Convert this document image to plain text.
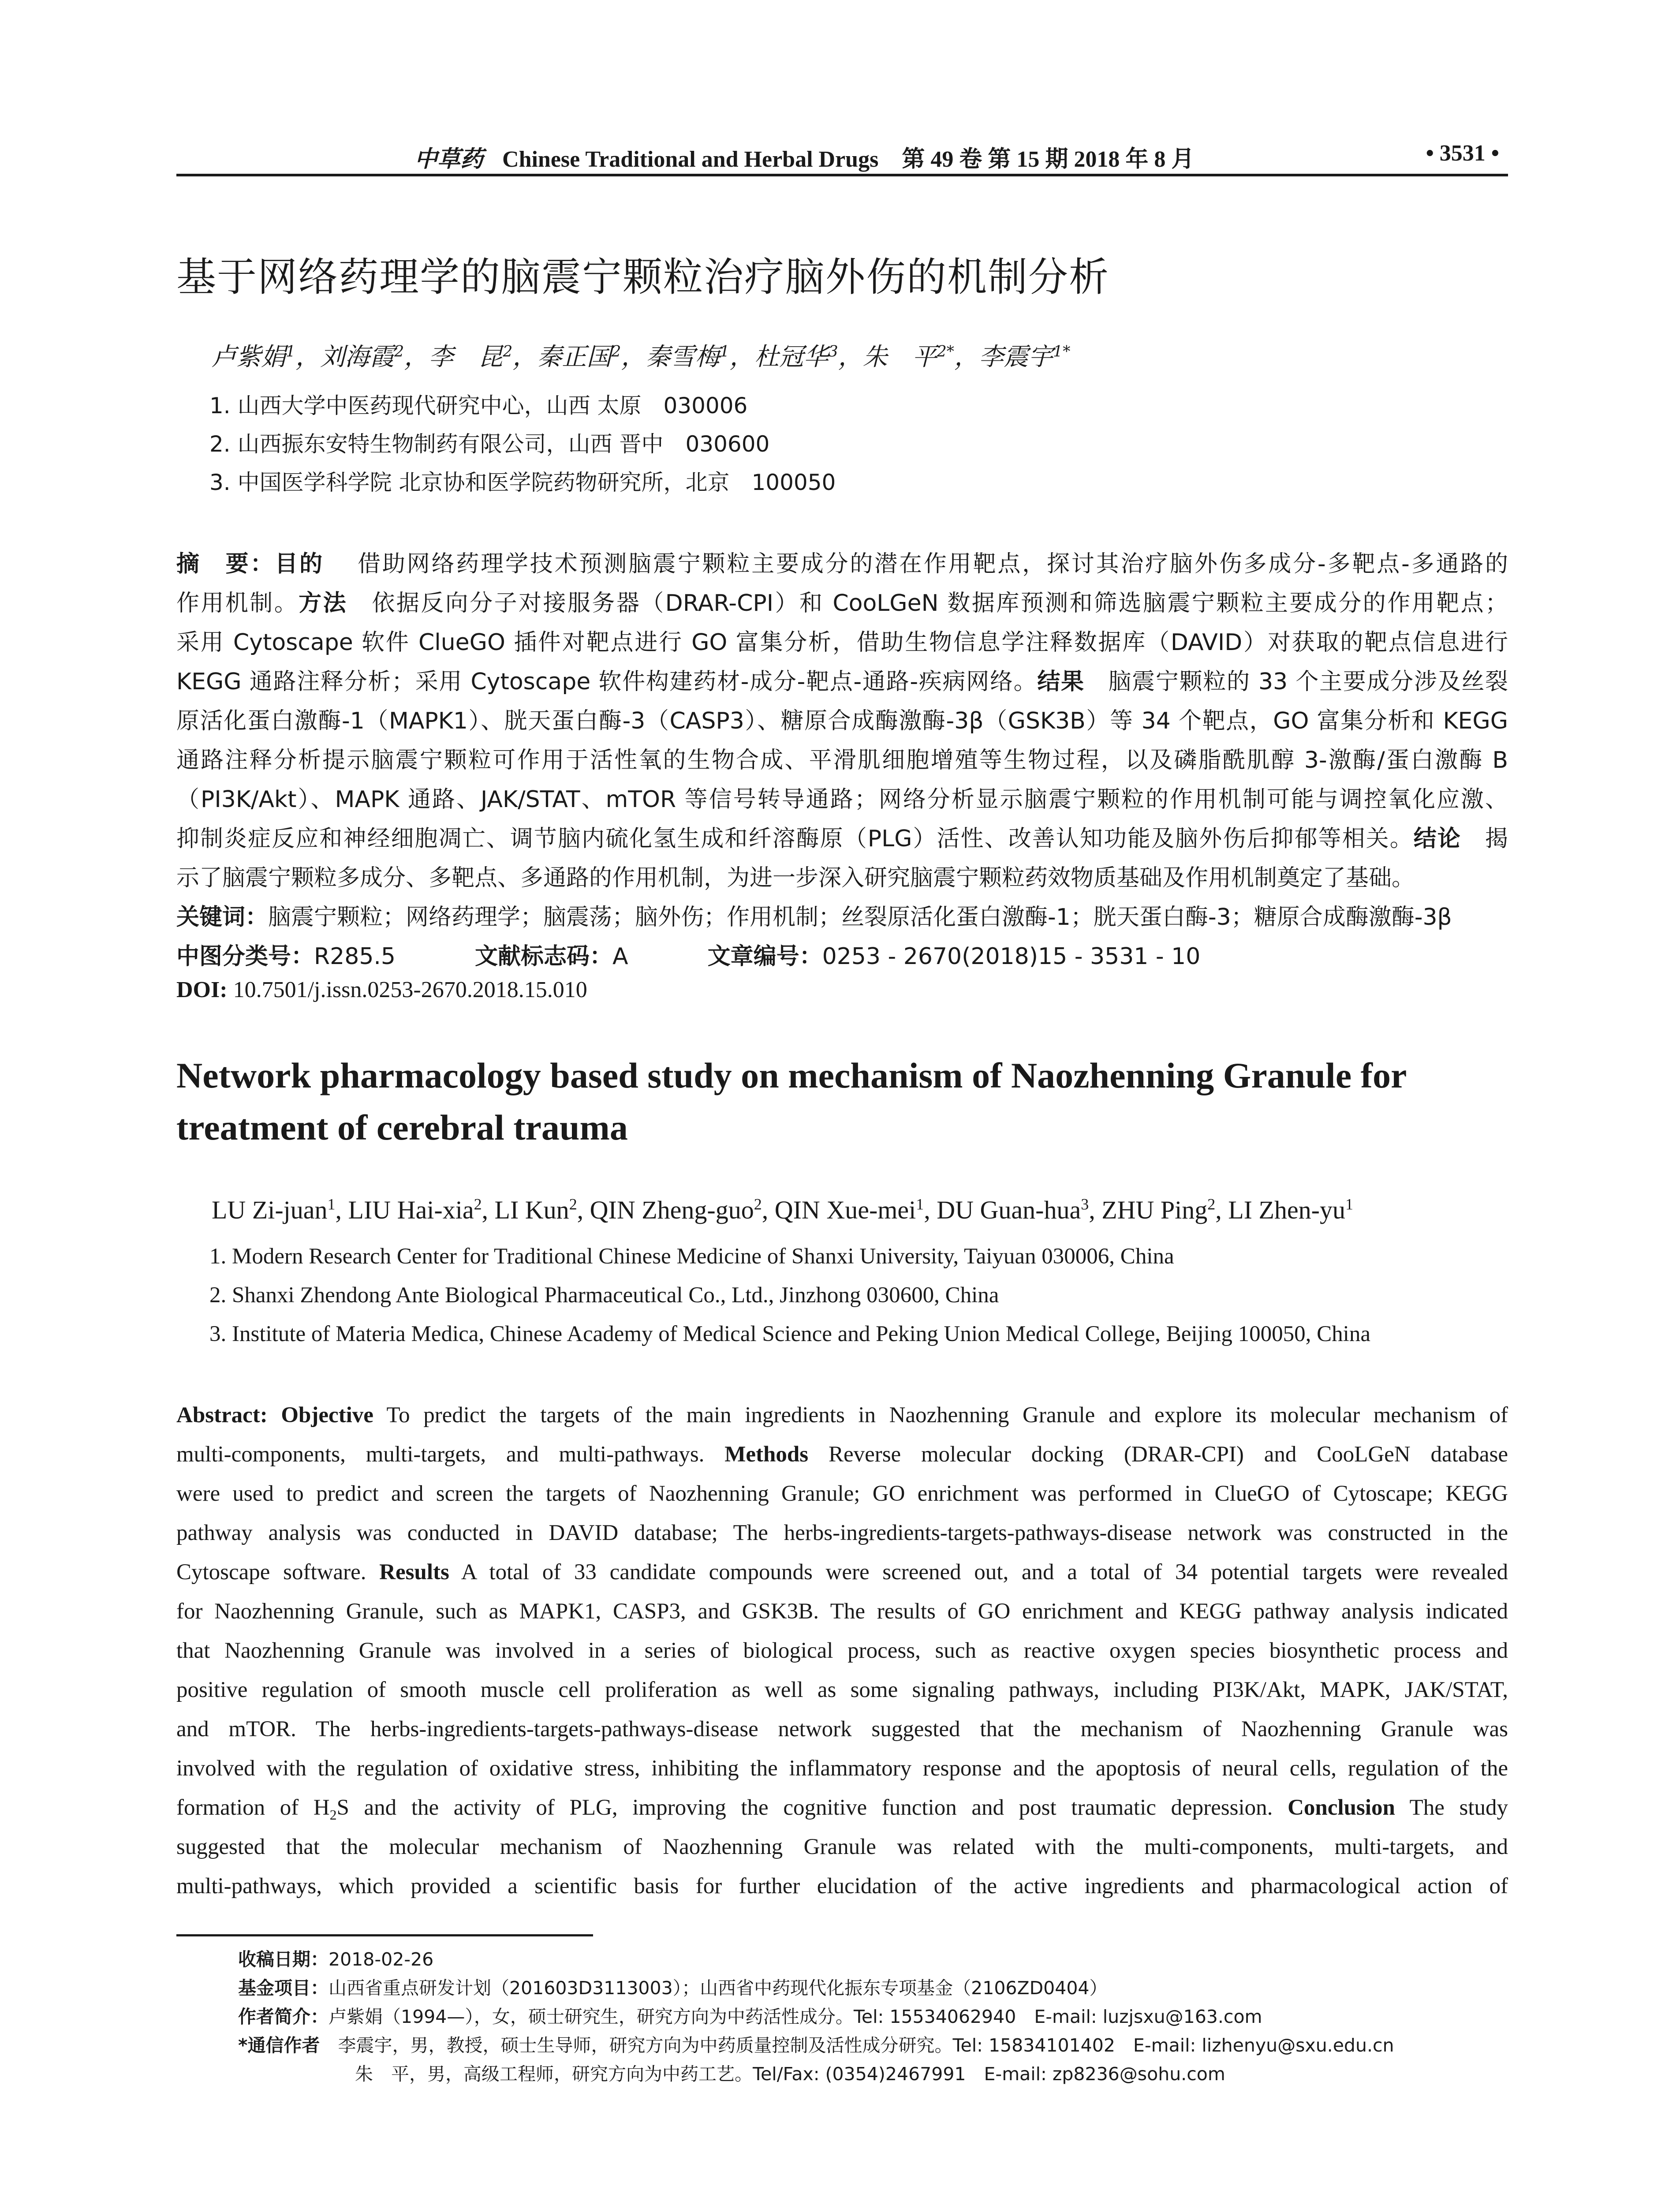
中草药 Chinese Traditional and Herbal Drugs 第 49 卷 第 15 期 2018 年 8 月	• 3531 •
基于网络药理学的脑震宁颗粒治疗脑外伤的机制分析
卢紫娟$^1$，刘海霞$^2$，李　昆$^2$，秦正国$^2$，秦雪梅$^1$，杜冠华$^3$，朱　平$^{2*}$，李震宇$^{1*}$
1. 山西大学中医药现代研究中心，山西 太原　030006
2. 山西振东安特生物制药有限公司，山西 晋中　030600
3. 中国医学科学院 北京协和医学院药物研究所，北京　100050
摘　要：目的　 借助网络药理学技术预测脑震宁颗粒主要成分的潜在作用靶点，探讨其治疗脑外伤多成分-多靶点-多通路的
作用机制。方法　 依据反向分子对接服务器（DRAR-CPI）和 CooLGeN 数据库预测和筛选脑震宁颗粒主要成分的作用靶点；
采用 Cytoscape 软件 ClueGO 插件对靶点进行 GO 富集分析，借助生物信息学注释数据库（DAVID）对获取的靶点信息进行
KEGG 通路注释分析；采用 Cytoscape 软件构建药材-成分-靶点-通路-疾病网络。结果　 脑震宁颗粒的 33 个主要成分涉及丝裂
原活化蛋白激酶-1（MAPK1）、胱天蛋白酶-3（CASP3）、糖原合成酶激酶-3β（GSK3B）等 34 个靶点，GO 富集分析和 KEGG
通路注释分析提示脑震宁颗粒可作用于活性氧的生物合成、平滑肌细胞增殖等生物过程，以及磷脂酰肌醇 3-激酶/蛋白激酶 B
（PI3K/Akt）、MAPK 通路、JAK/STAT、mTOR 等信号转导通路；网络分析显示脑震宁颗粒的作用机制可能与调控氧化应激、
抑制炎症反应和神经细胞凋亡、调节脑内硫化氢生成和纤溶酶原（PLG）活性、改善认知功能及脑外伤后抑郁等相关。结论　 揭
示了脑震宁颗粒多成分、多靶点、多通路的作用机制，为进一步深入研究脑震宁颗粒药效物质基础及作用机制奠定了基础。
关键词：脑震宁颗粒；网络药理学；脑震荡；脑外伤；作用机制；丝裂原活化蛋白激酶-1；胱天蛋白酶-3；糖原合成酶激酶-3β
中图分类号：R285.5	文献标志码：A	文章编号：0253 - 2670(2018)15 - 3531 - 10
DOI: 10.7501/j.issn.0253-2670.2018.15.010
Network pharmacology based study on mechanism of Naozhenning Granule for treatment of cerebral trauma
LU Zi-juan$^1$, LIU Hai-xia$^2$, LI Kun$^2$, QIN Zheng-guo$^2$, QIN Xue-mei$^1$, DU Guan-hua$^3$, ZHU Ping$^2$, LI Zhen-$yu^1$
1. Modern Research Center for Traditional Chinese Medicine of Shanxi University, Taiyuan 030006, China
2. Shanxi Zhendong Ante Biological Pharmaceutical Co., Ltd., Jinzhong 030600, China
3. Institute of Materia Medica, Chinese Academy of Medical Science and Peking Union Medical College, Beijing 100050, China
Abstract: Objective To predict the targets of the main ingredients in Naozhenning Granule and explore its molecular mechanism of
multi-components, multi-targets, and multi-pathways. Methods Reverse molecular docking (DRAR-CPI) and CooLGeN database
were used to predict and screen the targets of Naozhenning Granule; GO enrichment was performed in ClueGO of Cytoscape; KEGG
pathway analysis was conducted in DAVID database; The herbs-ingredients-targets-pathways-disease network was constructed in the
Cytoscape software. Results A total of 33 candidate compounds were screened out, and a total of 34 potential targets were revealed
for Naozhenning Granule, such as MAPK1, CASP3, and GSK3B. The results of GO enrichment and KEGG pathway analysis indicated
that Naozhenning Granule was involved in a series of biological process, such as reactive oxygen species biosynthetic process and
positive regulation of smooth muscle cell proliferation as well as some signaling pathways, including PI3K/Akt, MAPK, JAK/STAT,
and mTOR. The herbs-ingredients-targets-pathways-disease network suggested that the mechanism of Naozhenning Granule was
involved with the regulation of oxidative stress, inhibiting the inflammatory response and the apoptosis of neural cells, regulation of the
formation of $H_2S$ and the activity of PLG, improving the cognitive function and post traumatic depression. Conclusion The study
suggested that the molecular mechanism of Naozhenning Granule was related with the multi-components, multi-targets, and
multi-pathways, which provided a scientific basis for further elucidation of the active ingredients and pharmacological action of
收稿日期：2018-02-26
基金项目：山西省重点研发计划（201603D3113003）；山西省中药现代化振东专项基金（2106ZD0404）
作者简介：卢紫娟（1994—），女，硕士研究生，研究方向为中药活性成分。Tel: 15534062940　E-mail: luzjsxu@163.com
*通信作者　 李震宇，男，教授，硕士生导师，研究方向为中药质量控制及活性成分研究。Tel: 15834101402　E-mail: lizhenyu@sxu.edu.cn
朱　平，男，高级工程师，研究方向为中药工艺。Tel/Fax: (0354)2467991　E-mail: zp8236@sohu.com
